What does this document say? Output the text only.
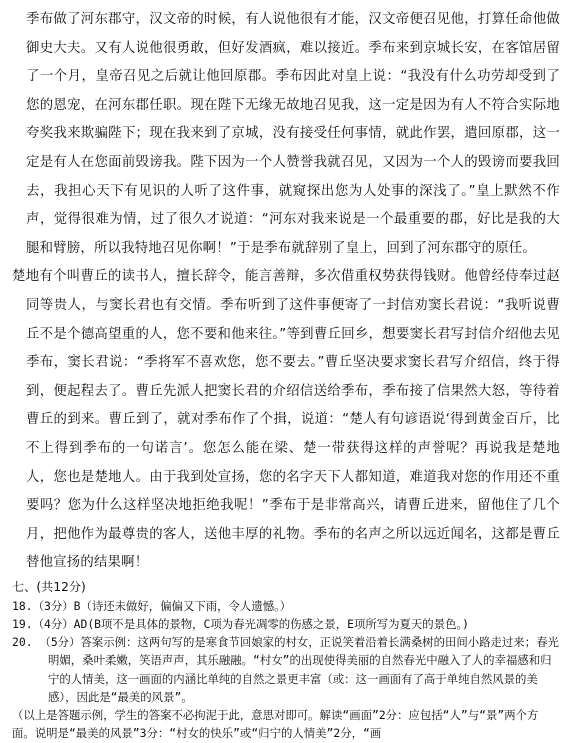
季布做了河东郡守，汉文帝的时候，有人说他很有才能，汉文帝便召见他，打算任命他做御史大夫。又有人说他很勇敢，但好发酒疯，难以接近。季布来到京城长安，在客馆居留了一个月，皇帝召见之后就让他回原郡。季布因此对皇上说：“我没有什么功劳却受到了您的恩宠，在河东郡任职。现在陛下无缘无故地召见我，这一定是因为有人不符合实际地夸奖我来欺骗陛下；现在我来到了京城，没有接受任何事情，就此作罢，遣回原郡，这一定是有人在您面前毁谤我。陛下因为一个人赞誉我就召见，又因为一个人的毁谤而要我回去，我担心天下有见识的人听了这件事，就窥探出您为人处事的深浅了。”皇上默然不作声，觉得很难为情，过了很久才说道：“河东对我来说是一个最重要的郡，好比是我的大腿和臂膀，所以我特地召见你啊！”于是季布就辞别了皇上，回到了河东郡守的原任。

楚地有个叫曹丘的读书人，擅长辞令，能言善辩，多次借重权势获得钱财。他曾经侍奉过赵同等贵人，与窦长君也有交情。季布听到了这件事便寄了一封信劝窦长君说：“我听说曹丘不是个德高望重的人，您不要和他来往。”等到曹丘回乡，想要窦长君写封信介绍他去见季布，窦长君说：“季将军不喜欢您，您不要去。”曹丘坚决要求窦长君写介绍信，终于得到，便起程去了。曹丘先派人把窦长君的介绍信送给季布，季布接了信果然大怒，等待着曹丘的到来。曹丘到了，就对季布作了个揖，说道：“楚人有句谚语说‘得到黄金百斤，比不上得到季布的一句诺言’。您怎么能在梁、楚一带获得这样的声誉呢？再说我是楚地人，您也是楚地人。由于我到处宣扬，您的名字天下人都知道，难道我对您的作用还不重要吗？您为什么这样坚决地拒绝我呢！”季布于是非常高兴，请曹丘进来，留他住了几个月，把他作为最尊贵的客人，送他丰厚的礼物。季布的名声之所以远近闻名，这都是曹丘替他宣扬的结果啊！

七、(共12分)

18.（3分）B（诗还未做好，偏偏又下雨，令人遗憾。）

19.（4分）AD(B项不是具体的景物，C项为春光凋零的伤感之景，E项所写为夏天的景色。)

20. （5分）答案示例：这两句写的是寒食节回娘家的村女，正说笑着沿着长满桑树的田间小路走过来；春光明媚，桑叶柔嫩，笑语声声，其乐融融。“村女”的出现使得美丽的自然春光中融入了人的幸福感和归宁的人情美，这一画面的内涵比单纯的自然之景更丰富（或：这一画面有了高于单纯自然风景的美感），因此是“最美的风景”。

（以上是答题示例，学生的答案不必拘泥于此，意思对即可。解读“画面”2分：应包括“人”与“景”两个方面。说明是“最美的风景”3分：“村女的快乐”或“归宁的人情美”2分，“画
